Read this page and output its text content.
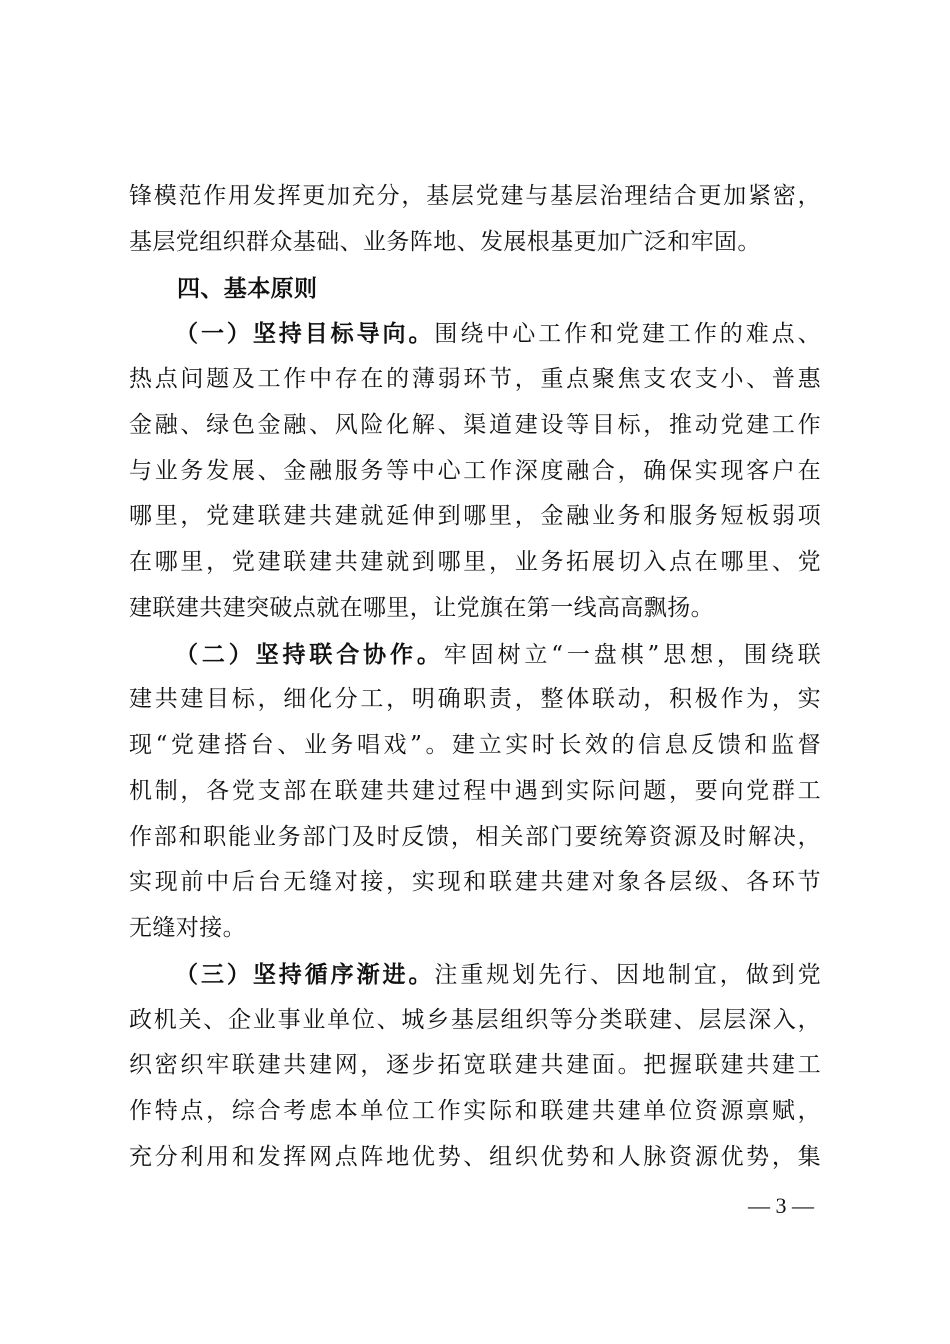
锋模范作用发挥更加充分，基层党建与基层治理结合更加紧密，
基层党组织群众基础、业务阵地、发展根基更加广泛和牢固。
四、基本原则
（一）坚持目标导向。围绕中心工作和党建工作的难点、
热点问题及工作中存在的薄弱环节，重点聚焦支农支小、普惠
金融、绿色金融、风险化解、渠道建设等目标，推动党建工作
与业务发展、金融服务等中心工作深度融合，确保实现客户在
哪里，党建联建共建就延伸到哪里，金融业务和服务短板弱项
在哪里，党建联建共建就到哪里，业务拓展切入点在哪里、党
建联建共建突破点就在哪里，让党旗在第一线高高飘扬。
（二）坚持联合协作。牢固树立“一盘棋”思想，围绕联
建共建目标，细化分工，明确职责，整体联动，积极作为，实
现“党建搭台、业务唱戏”。建立实时长效的信息反馈和监督
机制，各党支部在联建共建过程中遇到实际问题，要向党群工
作部和职能业务部门及时反馈，相关部门要统筹资源及时解决，
实现前中后台无缝对接，实现和联建共建对象各层级、各环节
无缝对接。
（三）坚持循序渐进。注重规划先行、因地制宜，做到党
政机关、企业事业单位、城乡基层组织等分类联建、层层深入，
织密织牢联建共建网，逐步拓宽联建共建面。把握联建共建工
作特点，综合考虑本单位工作实际和联建共建单位资源禀赋，
充分利用和发挥网点阵地优势、组织优势和人脉资源优势，集
— 3 —
